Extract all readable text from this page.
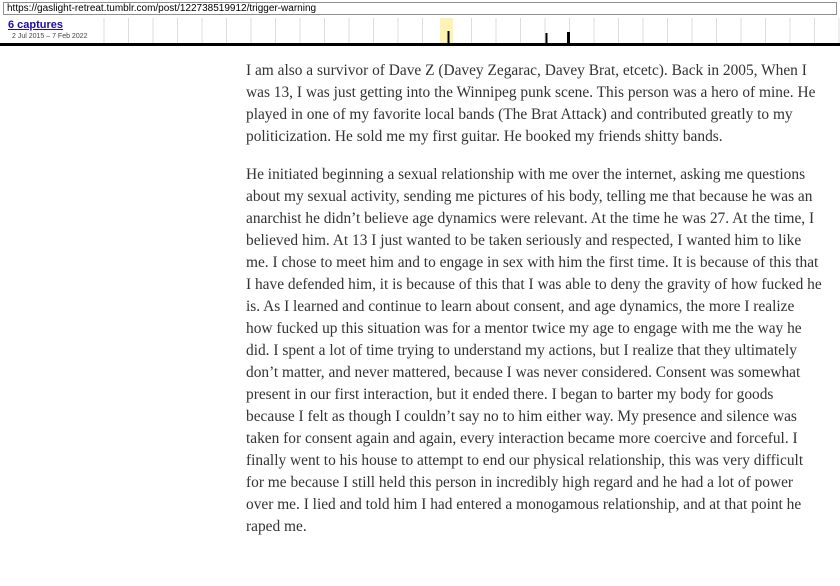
https://gaslight-retreat.tumblr.com/post/122738519912/trigger-warning
6 captures
2 Jul 2015 – 7 Feb 2022

I am also a survivor of Dave Z (Davey Zegarac, Davey Brat, etcetc). Back in 2005, When I was 13, I was just getting into the Winnipeg punk scene. This person was a hero of mine. He played in one of my favorite local bands (The Brat Attack) and contributed greatly to my politicization. He sold me my first guitar. He booked my friends shitty bands.

He initiated beginning a sexual relationship with me over the internet, asking me questions about my sexual activity, sending me pictures of his body, telling me that because he was an anarchist he didn’t believe age dynamics were relevant. At the time he was 27. At the time, I believed him. At 13 I just wanted to be taken seriously and respected, I wanted him to like me. I chose to meet him and to engage in sex with him the first time. It is because of this that I have defended him, it is because of this that I was able to deny the gravity of how fucked he is. As I learned and continue to learn about consent, and age dynamics, the more I realize how fucked up this situation was for a mentor twice my age to engage with me the way he did. I spent a lot of time trying to understand my actions, but I realize that they ultimately don’t matter, and never mattered, because I was never considered. Consent was somewhat present in our first interaction, but it ended there. I began to barter my body for goods because I felt as though I couldn’t say no to him either way. My presence and silence was taken for consent again and again, every interaction became more coercive and forceful. I finally went to his house to attempt to end our physical relationship, this was very difficult for me because I still held this person in incredibly high regard and he had a lot of power over me. I lied and told him I had entered a monogamous relationship, and at that point he raped me.
